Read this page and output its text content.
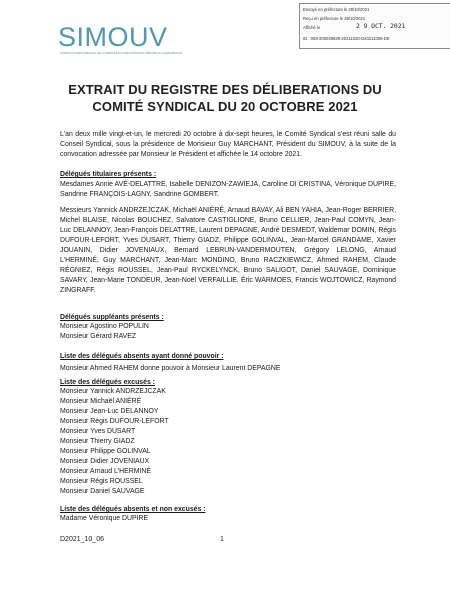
SIMOUV
SYNDICAT INTERCOMMUNAL DE LA MOBILITÉ ET D'ORGANISATION URBAINE DU VALENCIENNOIS
Envoyé en préfecture le 29/10/2021
Reçu en préfecture le 29/10/2021
Affiché le	2 9 OCT. 2021
ID : 059-200049639-20211020-D20211006-DE
EXTRAIT DU REGISTRE DES DÉLIBERATIONS DU
COMITÉ SYNDICAL DU 20 OCTOBRE 2021
L'an deux mille vingt-et-un, le mercredi 20 octobre à dix-sept heures, le Comité Syndical s'est réuni salle du Conseil Syndical, sous la présidence de Monsieur Guy MARCHANT, Président du SIMOUV, à la suite de la convocation adressée par Monsieur le Président et affichée le 14 octobre 2021.
Délégués titulaires présents :
Mesdames Annie AVÉ-DELATTRE, Isabelle DENIZON-ZAWIEJA, Caroline DI CRISTINA, Véronique DUPIRE, Sandrine FRANÇOIS-LAGNY, Sandrine GOMBERT.
Messieurs Yannick ANDRZEJCZAK, Michaël ANIÉRÉ, Arnaud BAVAY, Ali BEN YAHIA, Jean-Roger BERRIER, Michel BLAISE, Nicolas BOUCHEZ, Salvatore CASTIGLIONE, Bruno CELLIER, Jean-Paul COMYN, Jean-Luc DELANNOY, Jean-François DELATTRE, Laurent DEPAGNE, André DESMEDT, Waldemar DOMIN, Régis DUFOUR-LEFORT, Yves DUSART, Thierry GIADZ, Philippe GOLINVAL, Jean-Marcel GRANDAME, Xavier JOUANIN, Didier JOVENIAUX, Bernard LEBRUN-VANDERMOUTEN, Grégory LELONG, Arnaud L'HERMINÉ, Guy MARCHANT, Jean-Marc MONDINO, Bruno RACZKIEWICZ, Ahmed RAHEM, Claude RÉGNIEZ, Régis ROUSSEL, Jean-Paul RYCKELYNCK, Bruno SALIGOT, Daniel SAUVAGE, Dominique SAVARY, Jean-Marie TONDEUR, Jean-Noël VERFAILLIE, Éric WARMOES, Francis WOJTOWICZ, Raymond ZINGRAFF.
Délégués suppléants présents :
Monsieur Agostino POPULIN
Monsieur Gérard RAVEZ
Liste des délégués absents ayant donné pouvoir :
Monsieur Ahmed RAHEM donne pouvoir à Monsieur Laurent DEPAGNE
Liste des délégués excusés :
Monsieur Yannick ANDRZEJCZAK
Monsieur Michaël ANIÉRÉ
Monsieur Jean-Luc DELANNOY
Monsieur Régis DUFOUR-LEFORT
Monsieur Yves DUSART
Monsieur Thierry GIADZ
Monsieur Philippe GOLINVAL
Monsieur Didier JOVENIAUX
Monsieur Arnaud L'HERMINÉ
Monsieur Régis ROUSSEL
Monsieur Daniel SAUVAGE
Liste des délégués absents et non excusés :
Madame Véronique DUPIRE
D2021_10_06	1
